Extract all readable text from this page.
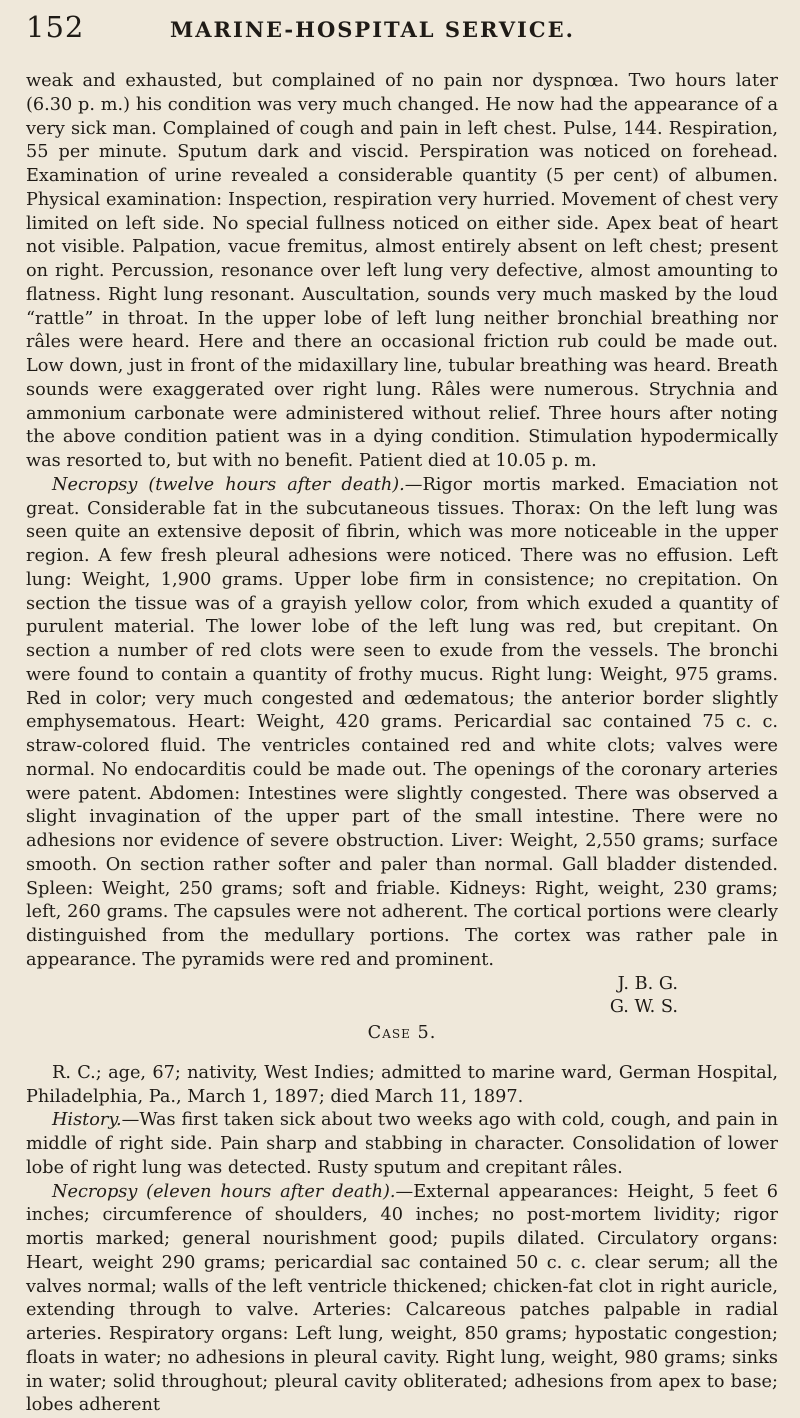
152	MARINE-HOSPITAL SERVICE.

weak and exhausted, but complained of no pain nor dyspnœa. Two hours later (6.30 p. m.) his condition was very much changed. He now had the appearance of a very sick man. Complained of cough and pain in left chest. Pulse, 144. Respiration, 55 per minute. Sputum dark and viscid. Perspiration was noticed on forehead. Examination of urine revealed a considerable quantity (5 per cent) of albumen. Physical examination: Inspection, respiration very hurried. Movement of chest very limited on left side. No special fullness noticed on either side. Apex beat of heart not visible. Palpation, vacue fremitus, almost entirely absent on left chest; present on right. Percussion, resonance over left lung very defective, almost amounting to flatness. Right lung resonant. Auscultation, sounds very much masked by the loud “rattle” in throat. In the upper lobe of left lung neither bronchial breathing nor râles were heard. Here and there an occasional friction rub could be made out. Low down, just in front of the midaxillary line, tubular breathing was heard. Breath sounds were exaggerated over right lung. Râles were numerous. Strychnia and ammonium carbonate were administered without relief. Three hours after noting the above condition patient was in a dying condition. Stimulation hypodermically was resorted to, but with no benefit. Patient died at 10.05 p. m.

Necropsy (twelve hours after death).—Rigor mortis marked. Emaciation not great. Considerable fat in the subcutaneous tissues. Thorax: On the left lung was seen quite an extensive deposit of fibrin, which was more noticeable in the upper region. A few fresh pleural adhesions were noticed. There was no effusion. Left lung: Weight, 1,900 grams. Upper lobe firm in consistence; no crepitation. On section the tissue was of a grayish yellow color, from which exuded a quantity of purulent material. The lower lobe of the left lung was red, but crepitant. On section a number of red clots were seen to exude from the vessels. The bronchi were found to contain a quantity of frothy mucus. Right lung: Weight, 975 grams. Red in color; very much congested and œdematous; the anterior border slightly emphysematous. Heart: Weight, 420 grams. Pericardial sac contained 75 c. c. straw-colored fluid. The ventricles contained red and white clots; valves were normal. No endocarditis could be made out. The openings of the coronary arteries were patent. Abdomen: Intestines were slightly congested. There was observed a slight invagination of the upper part of the small intestine. There were no adhesions nor evidence of severe obstruction. Liver: Weight, 2,550 grams; surface smooth. On section rather softer and paler than normal. Gall bladder distended. Spleen: Weight, 250 grams; soft and friable. Kidneys: Right, weight, 230 grams; left, 260 grams. The capsules were not adherent. The cortical portions were clearly distinguished from the medullary portions. The cortex was rather pale in appearance. The pyramids were red and prominent.

J. B. G.
G. W. S.
Case 5.

R. C.; age, 67; nativity, West Indies; admitted to marine ward, German Hospital, Philadelphia, Pa., March 1, 1897; died March 11, 1897.

History.—Was first taken sick about two weeks ago with cold, cough, and pain in middle of right side. Pain sharp and stabbing in character. Consolidation of lower lobe of right lung was detected. Rusty sputum and crepitant râles.

Necropsy (eleven hours after death).—External appearances: Height, 5 feet 6 inches; circumference of shoulders, 40 inches; no post-mortem lividity; rigor mortis marked; general nourishment good; pupils dilated. Circulatory organs: Heart, weight 290 grams; pericardial sac contained 50 c. c. clear serum; all the valves normal; walls of the left ventricle thickened; chicken-fat clot in right auricle, extending through to valve. Arteries: Calcareous patches palpable in radial arteries. Respiratory organs: Left lung, weight, 850 grams; hypostatic congestion; floats in water; no adhesions in pleural cavity. Right lung, weight, 980 grams; sinks in water; solid throughout; pleural cavity obliterated; adhesions from apex to base; lobes adherent
